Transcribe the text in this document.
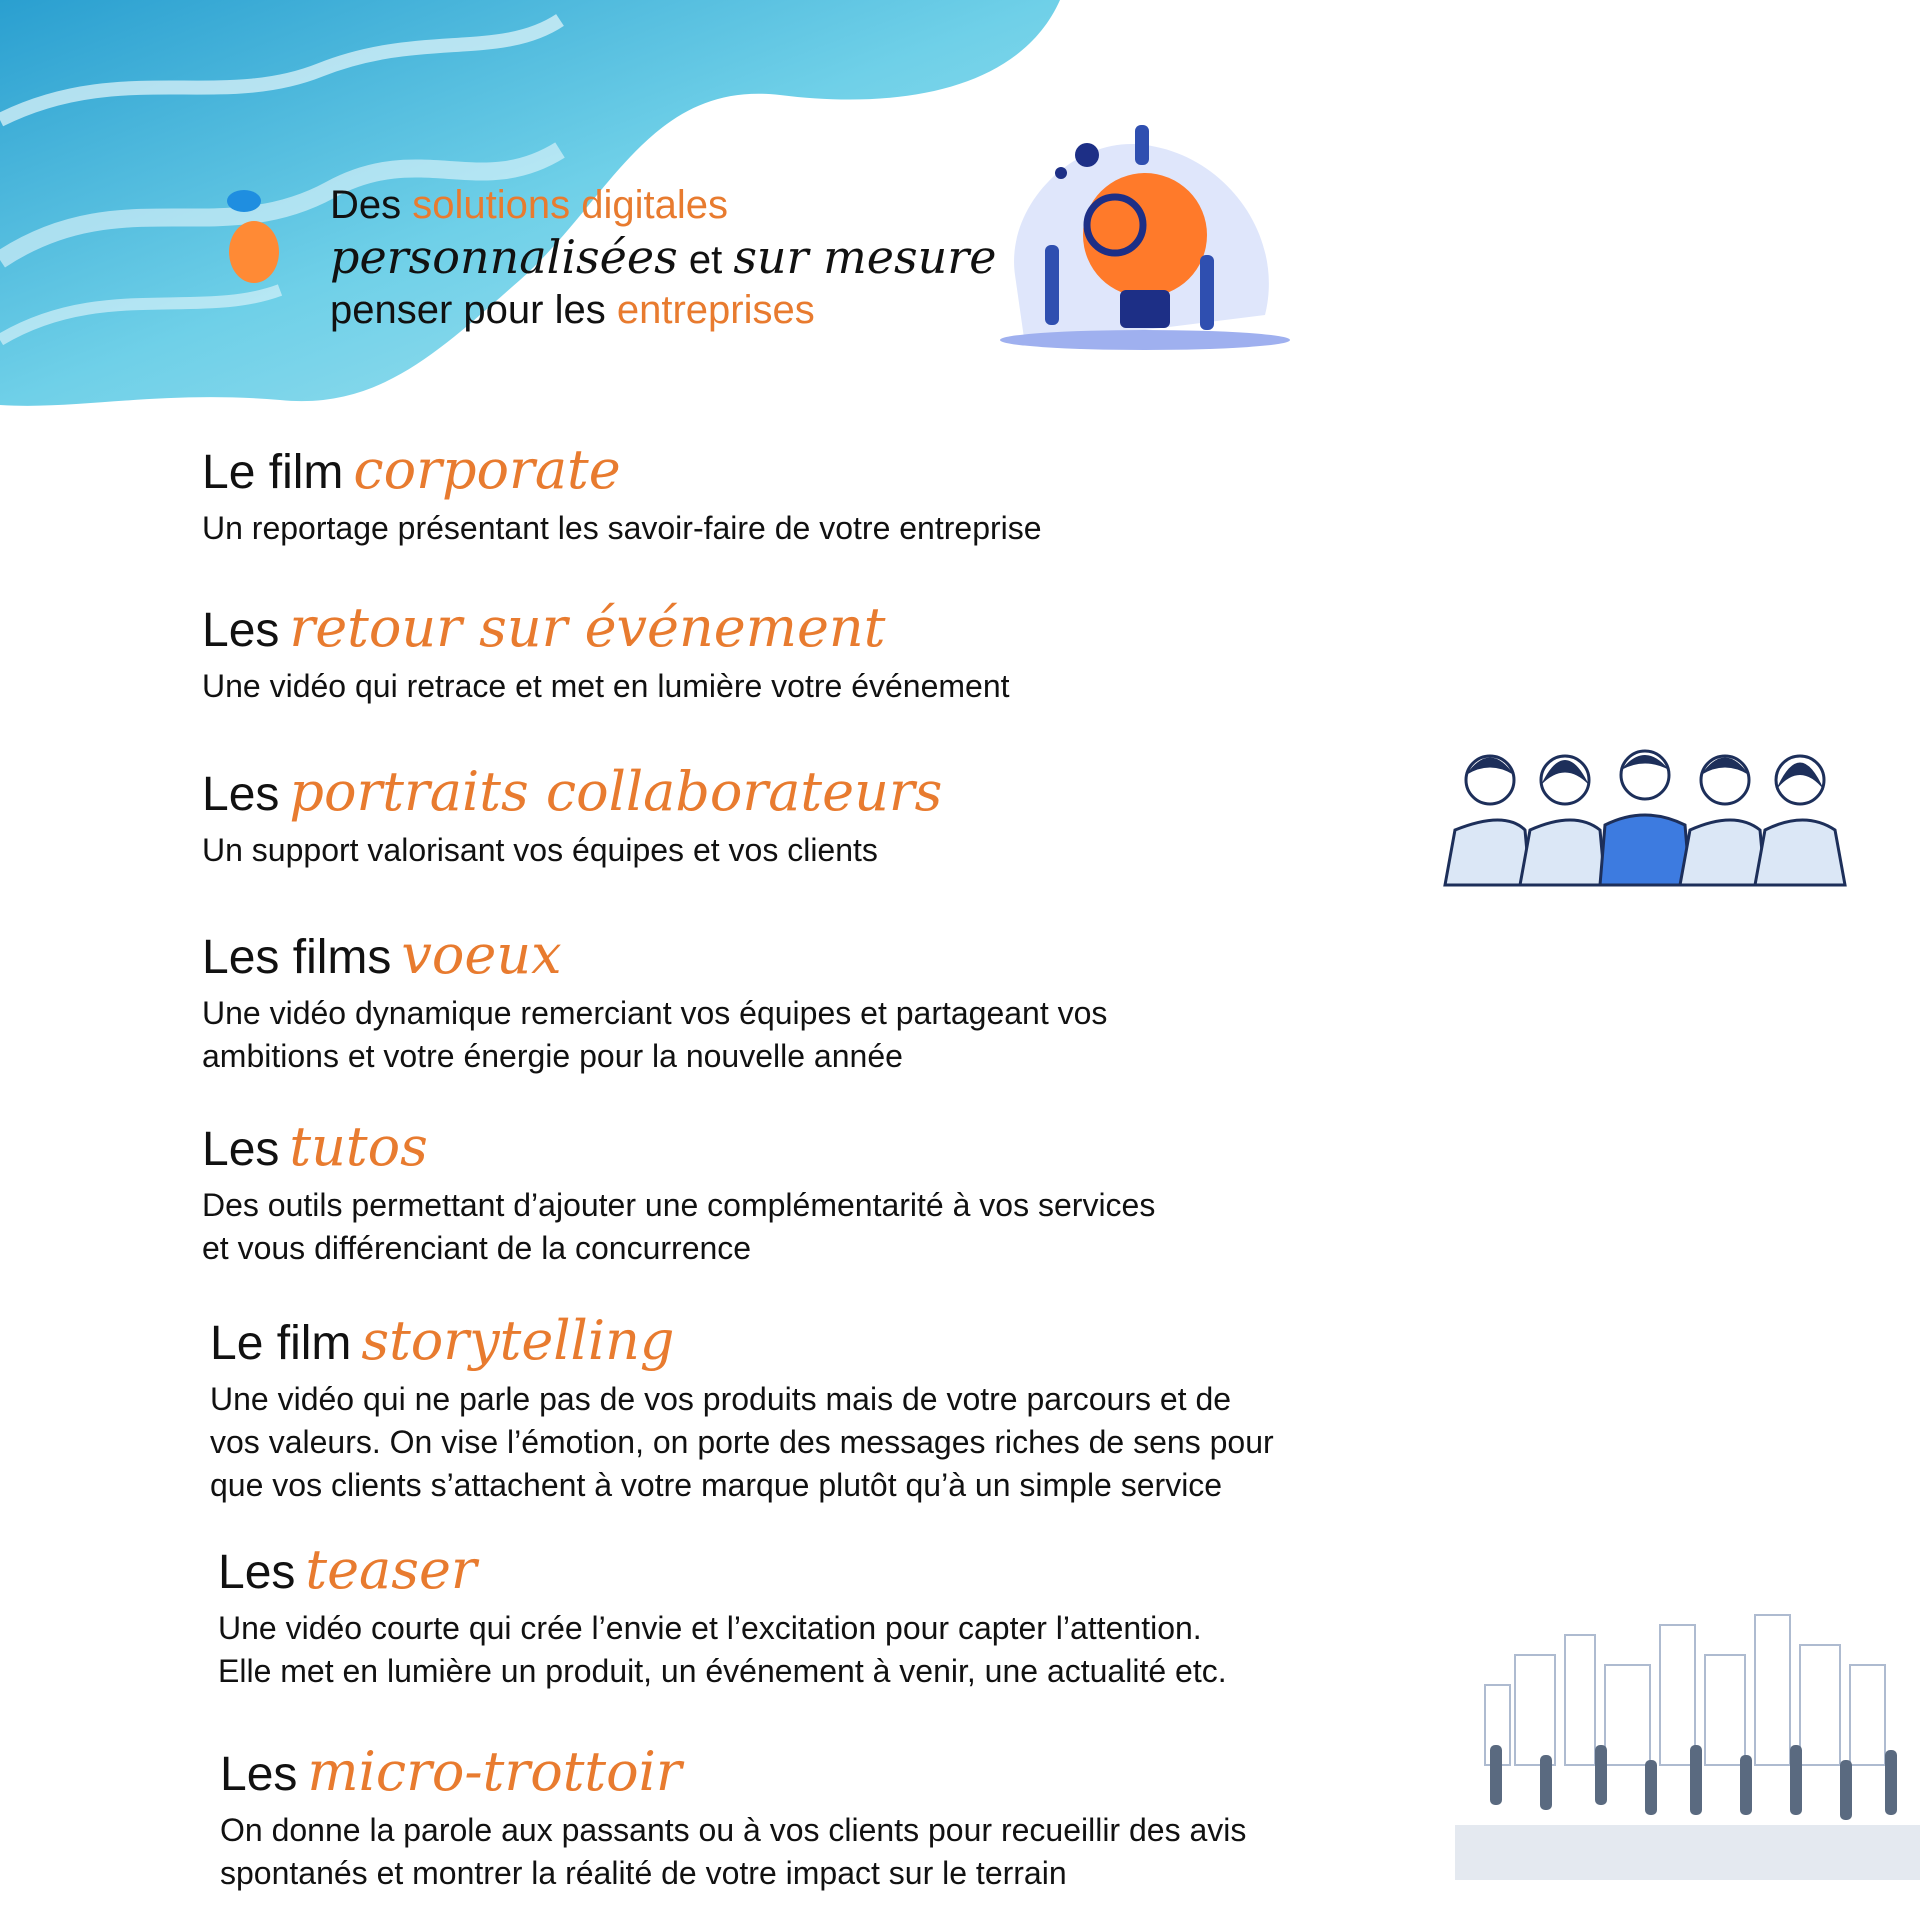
Des solutions digitales
personnalisées et sur mesure
penser pour les entreprises
Le film corporate

Un reportage présentant les savoir-faire de votre entreprise

Les retour sur événement

Une vidéo qui retrace et met en lumière votre événement

Les portraits collaborateurs

Un support valorisant vos équipes et vos clients

Les films voeux

Une vidéo dynamique remerciant vos équipes et partageant vos

ambitions et votre énergie pour la nouvelle année

Les tutos

Des outils permettant d’ajouter une complémentarité à vos services

et vous différenciant de la concurrence

Le film storytelling

Une vidéo qui ne parle pas de vos produits mais de votre parcours et de

vos valeurs. On vise l’émotion, on porte des messages riches de sens pour

que vos clients s’attachent à votre marque plutôt qu’à un simple service

Les teaser

Une vidéo courte qui crée l’envie et l’excitation pour capter l’attention.

Elle met en lumière un produit, un événement à venir, une actualité etc.

Les micro-trottoir

On donne la parole aux passants ou à vos clients pour recueillir des avis

spontanés et montrer la réalité de votre impact sur le terrain
